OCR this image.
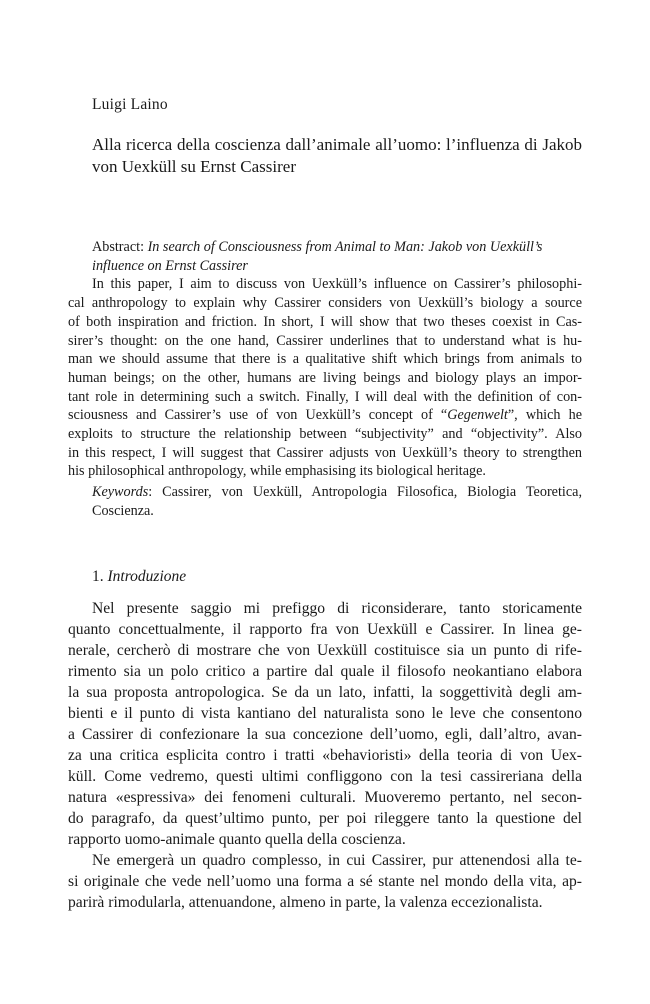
Luigi Laino
Alla ricerca della coscienza dall’animale all’uomo: l’influenza di Jakob
von Uexküll su Ernst Cassirer
Abstract: In search of Consciousness from Animal to Man: Jakob von Uexküll’s
influence on Ernst Cassirer
In this paper, I aim to discuss von Uexküll’s influence on Cassirer’s philosophi-
cal anthropology to explain why Cassirer considers von Uexküll’s biology a source
of both inspiration and friction. In short, I will show that two theses coexist in Cas-
sirer’s thought: on the one hand, Cassirer underlines that to understand what is hu-
man we should assume that there is a qualitative shift which brings from animals to
human beings; on the other, humans are living beings and biology plays an impor-
tant role in determining such a switch. Finally, I will deal with the definition of con-
sciousness and Cassirer’s use of von Uexküll’s concept of “Gegenwelt”, which he
exploits to structure the relationship between “subjectivity” and “objectivity”. Also
in this respect, I will suggest that Cassirer adjusts von Uexküll’s theory to strengthen
his philosophical anthropology, while emphasising its biological heritage.
Keywords: Cassirer, von Uexküll, Antropologia Filosofica, Biologia Teoretica,
Coscienza.
1. Introduzione
Nel presente saggio mi prefiggo di riconsiderare, tanto storicamente
quanto concettualmente, il rapporto fra von Uexküll e Cassirer. In linea ge-
nerale, cercherò di mostrare che von Uexküll costituisce sia un punto di rife-
rimento sia un polo critico a partire dal quale il filosofo neokantiano elabora
la sua proposta antropologica. Se da un lato, infatti, la soggettività degli am-
bienti e il punto di vista kantiano del naturalista sono le leve che consentono
a Cassirer di confezionare la sua concezione dell’uomo, egli, dall’altro, avan-
za una critica esplicita contro i tratti «behavioristi» della teoria di von Uex-
küll. Come vedremo, questi ultimi confliggono con la tesi cassireriana della
natura «espressiva» dei fenomeni culturali. Muoveremo pertanto, nel secon-
do paragrafo, da quest’ultimo punto, per poi rileggere tanto la questione del
rapporto uomo-animale quanto quella della coscienza.
Ne emergerà un quadro complesso, in cui Cassirer, pur attenendosi alla te-
si originale che vede nell’uomo una forma a sé stante nel mondo della vita, ap-
parirà rimodularla, attenuandone, almeno in parte, la valenza eccezionalista.
